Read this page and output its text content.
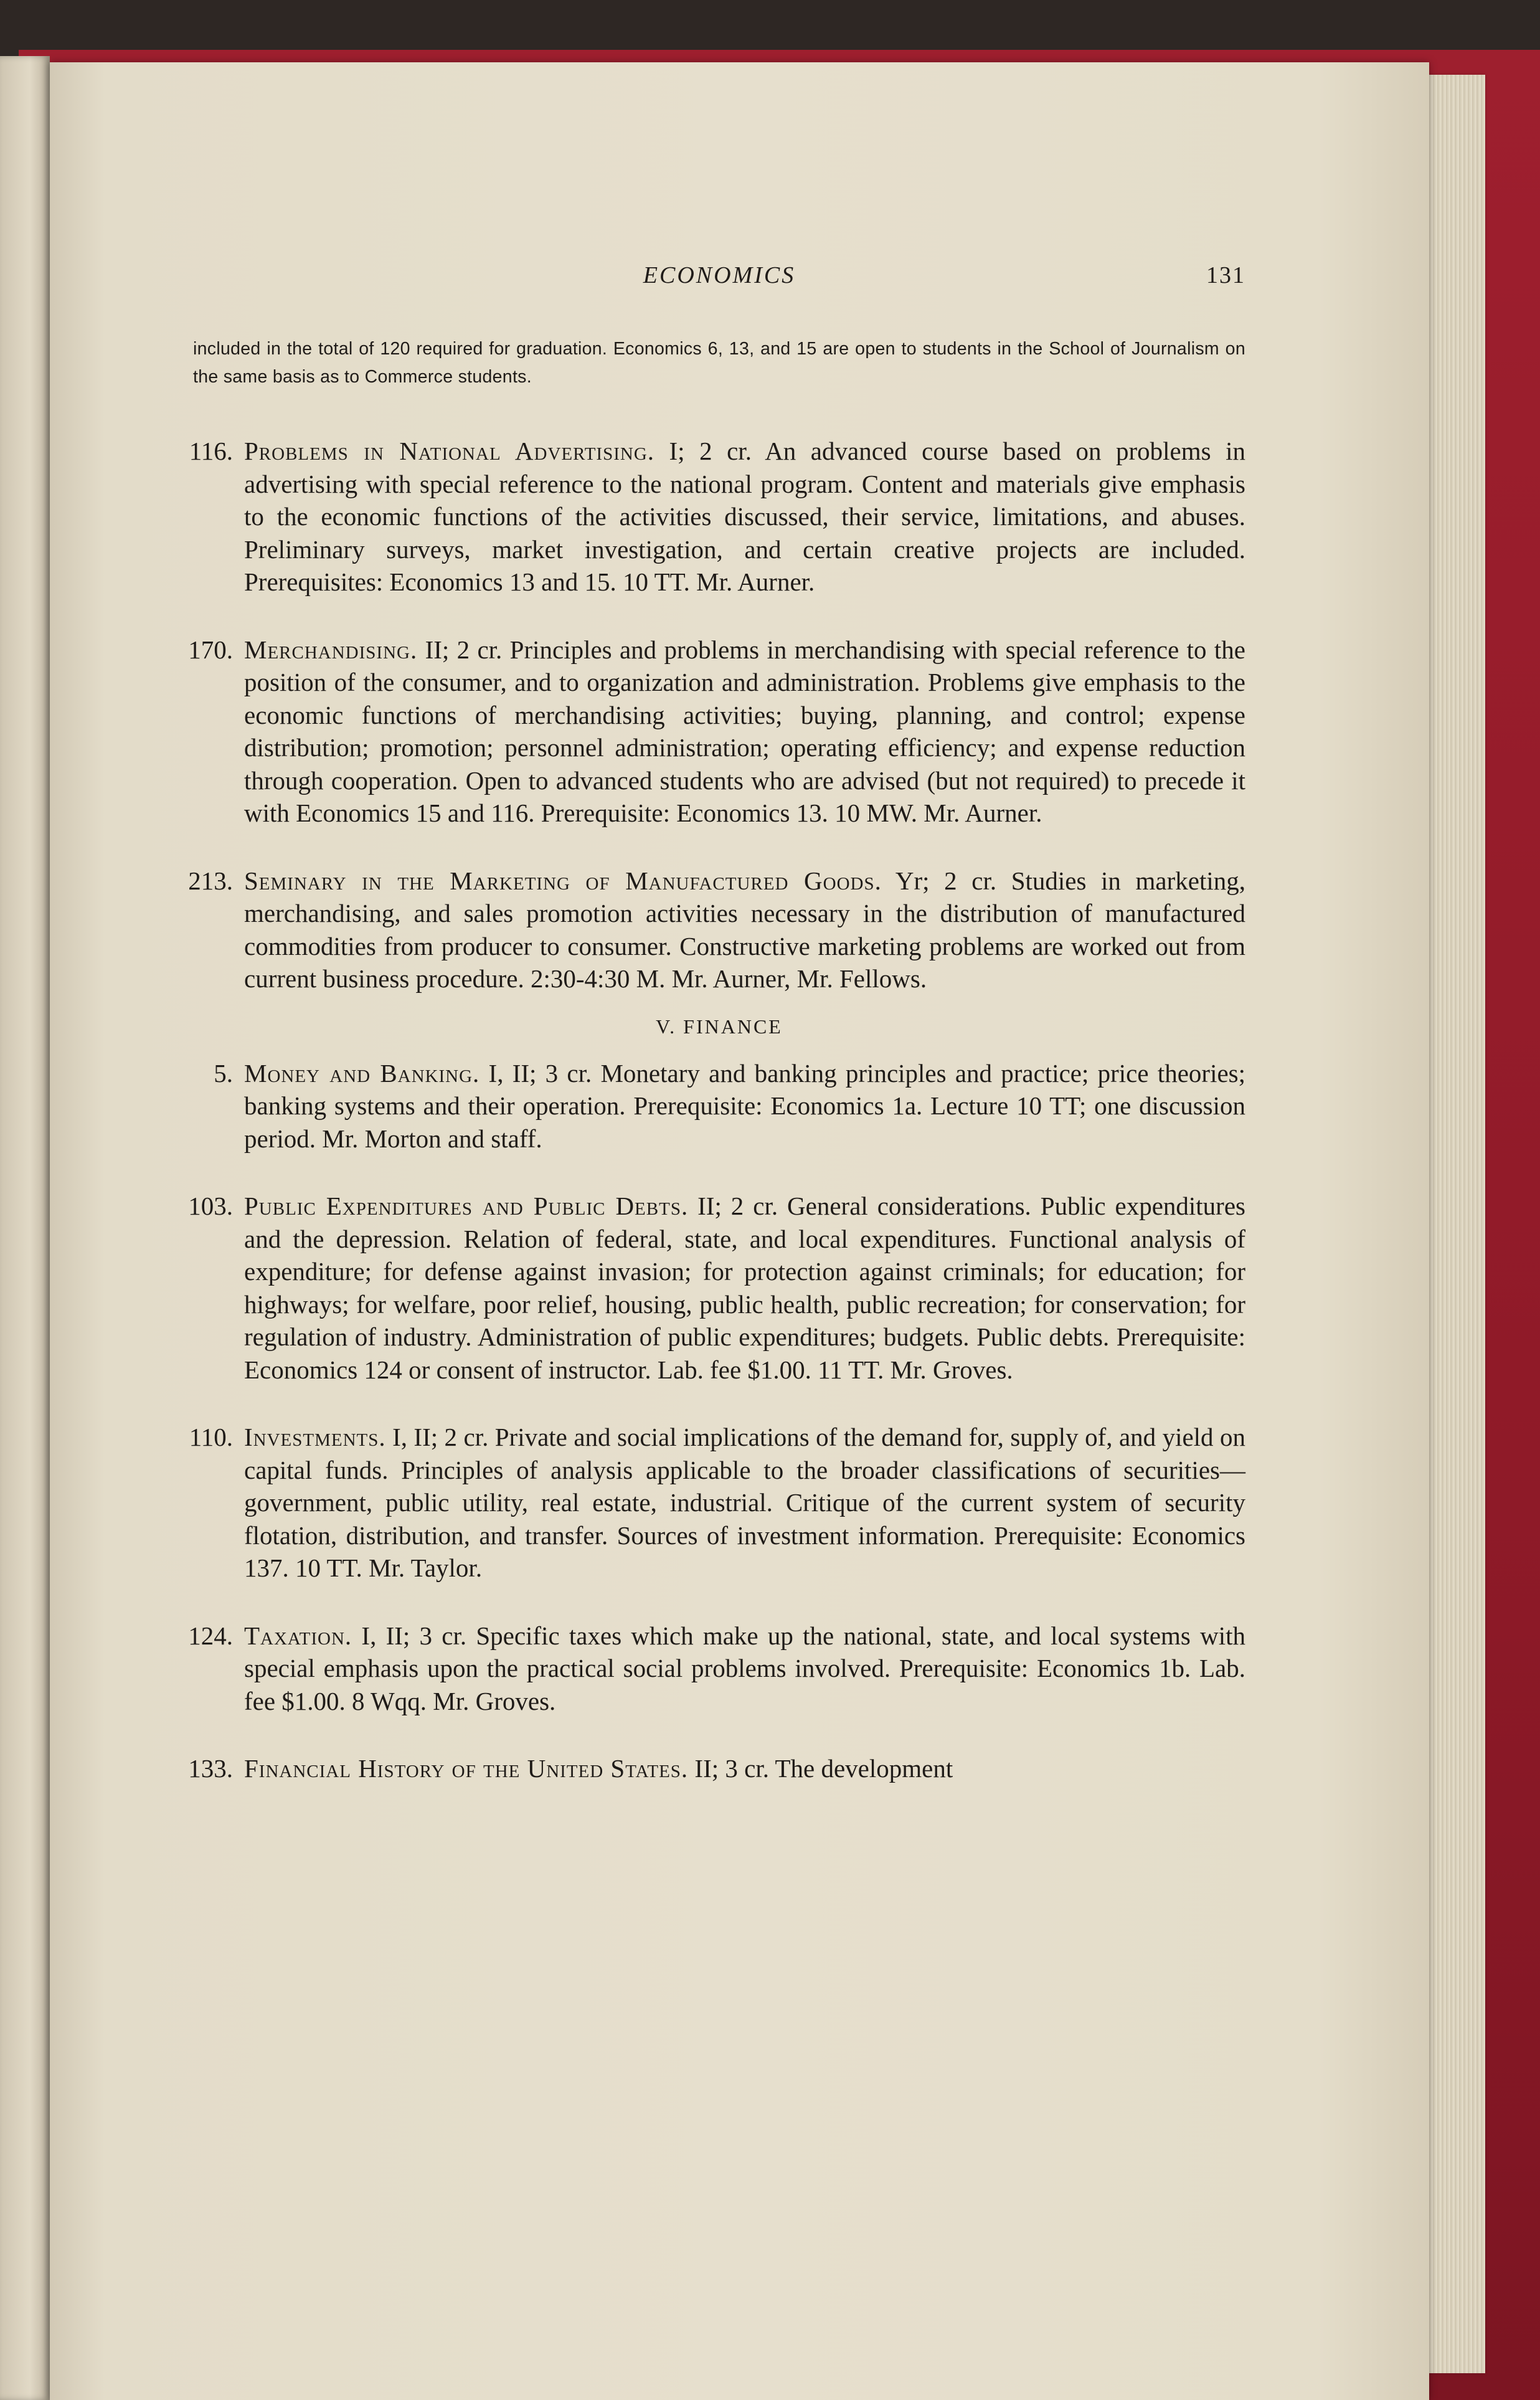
ECONOMICS	131
included in the total of 120 required for graduation. Economics 6, 13, and 15 are open to students in the School of Journalism on the same basis as to Commerce students.
116. Problems in National Advertising. I; 2 cr. An advanced course based on problems in advertising with special reference to the national program. Content and materials give emphasis to the economic functions of the activities discussed, their service, limitations, and abuses. Preliminary surveys, market investigation, and certain creative projects are included. Prerequisites: Economics 13 and 15. 10 TT. Mr. Aurner.
170. Merchandising. II; 2 cr. Principles and problems in merchandising with special reference to the position of the consumer, and to organization and administration. Problems give emphasis to the economic functions of merchandising activities; buying, planning, and control; expense distribution; promotion; personnel administration; operating efficiency; and expense reduction through cooperation. Open to advanced students who are advised (but not required) to precede it with Economics 15 and 116. Prerequisite: Economics 13. 10 MW. Mr. Aurner.
213. Seminary in the Marketing of Manufactured Goods. Yr; 2 cr. Studies in marketing, merchandising, and sales promotion activities necessary in the distribution of manufactured commodities from producer to consumer. Constructive marketing problems are worked out from current business procedure. 2:30-4:30 M. Mr. Aurner, Mr. Fellows.
V. FINANCE
5. Money and Banking. I, II; 3 cr. Monetary and banking principles and practice; price theories; banking systems and their operation. Prerequisite: Economics 1a. Lecture 10 TT; one discussion period. Mr. Morton and staff.
103. Public Expenditures and Public Debts. II; 2 cr. General considerations. Public expenditures and the depression. Relation of federal, state, and local expenditures. Functional analysis of expenditure; for defense against invasion; for protection against criminals; for education; for highways; for welfare, poor relief, housing, public health, public recreation; for conservation; for regulation of industry. Administration of public expenditures; budgets. Public debts. Prerequisite: Economics 124 or consent of instructor. Lab. fee $1.00. 11 TT. Mr. Groves.
110. Investments. I, II; 2 cr. Private and social implications of the demand for, supply of, and yield on capital funds. Principles of analysis applicable to the broader classifications of securities—government, public utility, real estate, industrial. Critique of the current system of security flotation, distribution, and transfer. Sources of investment information. Prerequisite: Economics 137. 10 TT. Mr. Taylor.
124. Taxation. I, II; 3 cr. Specific taxes which make up the national, state, and local systems with special emphasis upon the practical social problems involved. Prerequisite: Economics 1b. Lab. fee $1.00. 8 Wqq. Mr. Groves.
133. Financial History of the United States. II; 3 cr. The development
